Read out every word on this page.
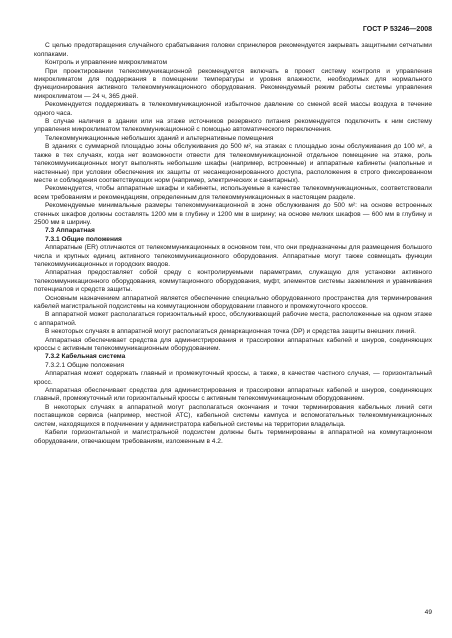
ГОСТ Р 53246—2008

С целью предотвращения случайного срабатывания головки спринклеров рекомендуется закрывать защитными сетчатыми колпаками.

Контроль и управление микроклиматом

При проектировании телекоммуникационной рекомендуется включать в проект систему контроля и управления микроклиматом для поддержания в помещении температуры и уровня влажности, необходимых для нормального функционирования активного телекоммуникационного оборудования. Рекомендуемый режим работы системы управления микроклиматом — 24 ч, 365 дней.

Рекомендуется поддерживать в телекоммуникационной избыточное давление со сменой всей массы воздуха в течение одного часа.

В случае наличия в здании или на этаже источников резервного питания рекомендуется подключить к ним систему управления микроклиматом телекоммуникационной с помощью автоматического переключения.

Телекоммуникационные небольших зданий и альтернативные помещения

В зданиях с суммарной площадью зоны обслуживания до 500 м², на этажах с площадью зоны обслуживания до 100 м², а также в тех случаях, когда нет возможности отвести для телекоммуникационной отдельное помещение на этаже, роль телекоммуникационных могут выполнять небольшие шкафы (например, встроенные) и аппаратные кабинеты (напольные и настенные) при условии обеспечения их защиты от несанкционированного доступа, расположения в строго фиксированном месте и соблюдения соответствующих норм (например, электрических и санитарных).

Рекомендуется, чтобы аппаратные шкафы и кабинеты, используемые в качестве телекоммуникационных, соответствовали всем требованиям и рекомендациям, определенным для телекоммуникационных в настоящем разделе.

Рекомендуемые минимальные размеры телекоммуникационной в зоне обслуживания до 500 м²: на основе встроенных стенных шкафов должны составлять 1200 мм в глубину и 1200 мм в ширину; на основе мелких шкафов — 600 мм в глубину и 2500 мм в ширину.

7.3 Аппаратная

7.3.1 Общие положения

Аппаратные (ER) отличаются от телекоммуникационных в основном тем, что они предназначены для размещения большого числа и крупных единиц активного телекоммуникационного оборудования. Аппаратные могут также совмещать функции телекоммуникационных и городских вводов.

Аппаратная предоставляет собой среду с контролируемыми параметрами, служащую для установки активного телекоммуникационного оборудования, коммутационного оборудования, муфт, элементов системы заземления и уравнивания потенциалов и средств защиты.

Основным назначением аппаратной является обеспечение специально оборудованного пространства для терминирования кабелей магистральной подсистемы на коммутационном оборудовании главного и промежуточного кроссов.

В аппаратной может располагаться горизонтальный кросс, обслуживающий рабочие места, расположенные на одном этаже с аппаратной.

В некоторых случаях в аппаратной могут располагаться демаркационная точка (DP) и средства защиты внешних линий.

Аппаратная обеспечивает средства для администрирования и трассировки аппаратных кабелей и шнуров, соединяющих кроссы с активным телекоммуникационным оборудованием.

7.3.2 Кабельная система

7.3.2.1 Общие положения

Аппаратная может содержать главный и промежуточный кроссы, а также, в качестве частного случая, — горизонтальный кросс.

Аппаратная обеспечивает средства для администрирования и трассировки аппаратных кабелей и шнуров, соединяющих главный, промежуточный или горизонтальный кроссы с активным телекоммуникационным оборудованием.

В некоторых случаях в аппаратной могут располагаться окончания и точки терминирования кабельных линий сети поставщиков сервиса (например, местной АТС), кабельной системы кампуса и вспомогательных телекоммуникационных систем, находящихся в подчинении у администратора кабельной системы на территории владельца.

Кабели горизонтальной и магистральной подсистем должны быть терминированы в аппаратной на коммутационном оборудовании, отвечающем требованиям, изложенным в 4.2.

49
